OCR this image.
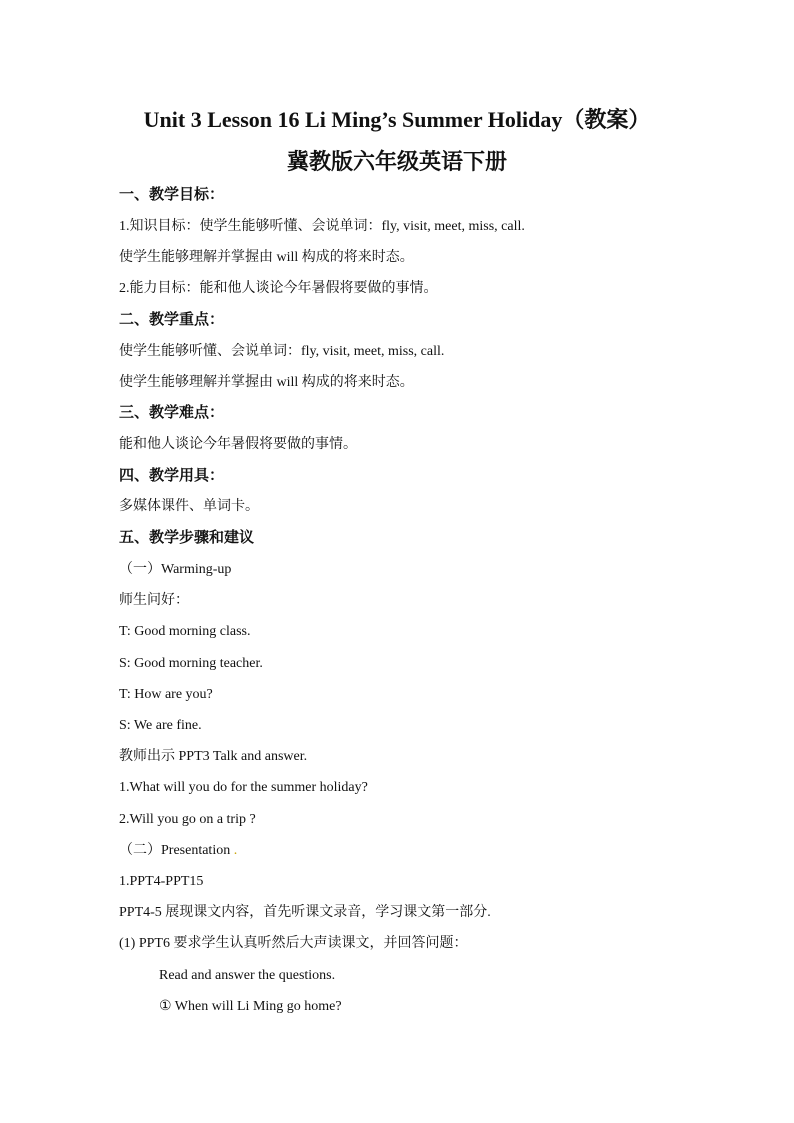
Unit 3 Lesson 16 Li Ming’s Summer Holiday（教案）
冀教版六年级英语下册
一、教学目标：
1.知识目标：使学生能够听懂、会说单词：fly, visit, meet, miss, call.
使学生能够理解并掌握由 will 构成的将来时态。
2.能力目标：能和他人谈论今年暑假将要做的事情。
二、教学重点：
使学生能够听懂、会说单词：fly, visit, meet, miss, call.
使学生能够理解并掌握由 will 构成的将来时态。
三、教学难点：
能和他人谈论今年暑假将要做的事情。
四、教学用具：
多媒体课件、单词卡。
五、教学步骤和建议
（一）Warming-up
师生问好：
T: Good morning class.
S: Good morning teacher.
T: How are you?
S: We are fine.
教师出示 PPT3 Talk and answer.
1.What will you do for the summer holiday?
2.Will you go on a trip ?
（二）Presentation .
1.PPT4-PPT15
PPT4-5 展现课文内容，首先听课文录音，学习课文第一部分.
(1) PPT6 要求学生认真听然后大声读课文，并回答问题：
Read and answer the questions.
① When will Li Ming go home?
